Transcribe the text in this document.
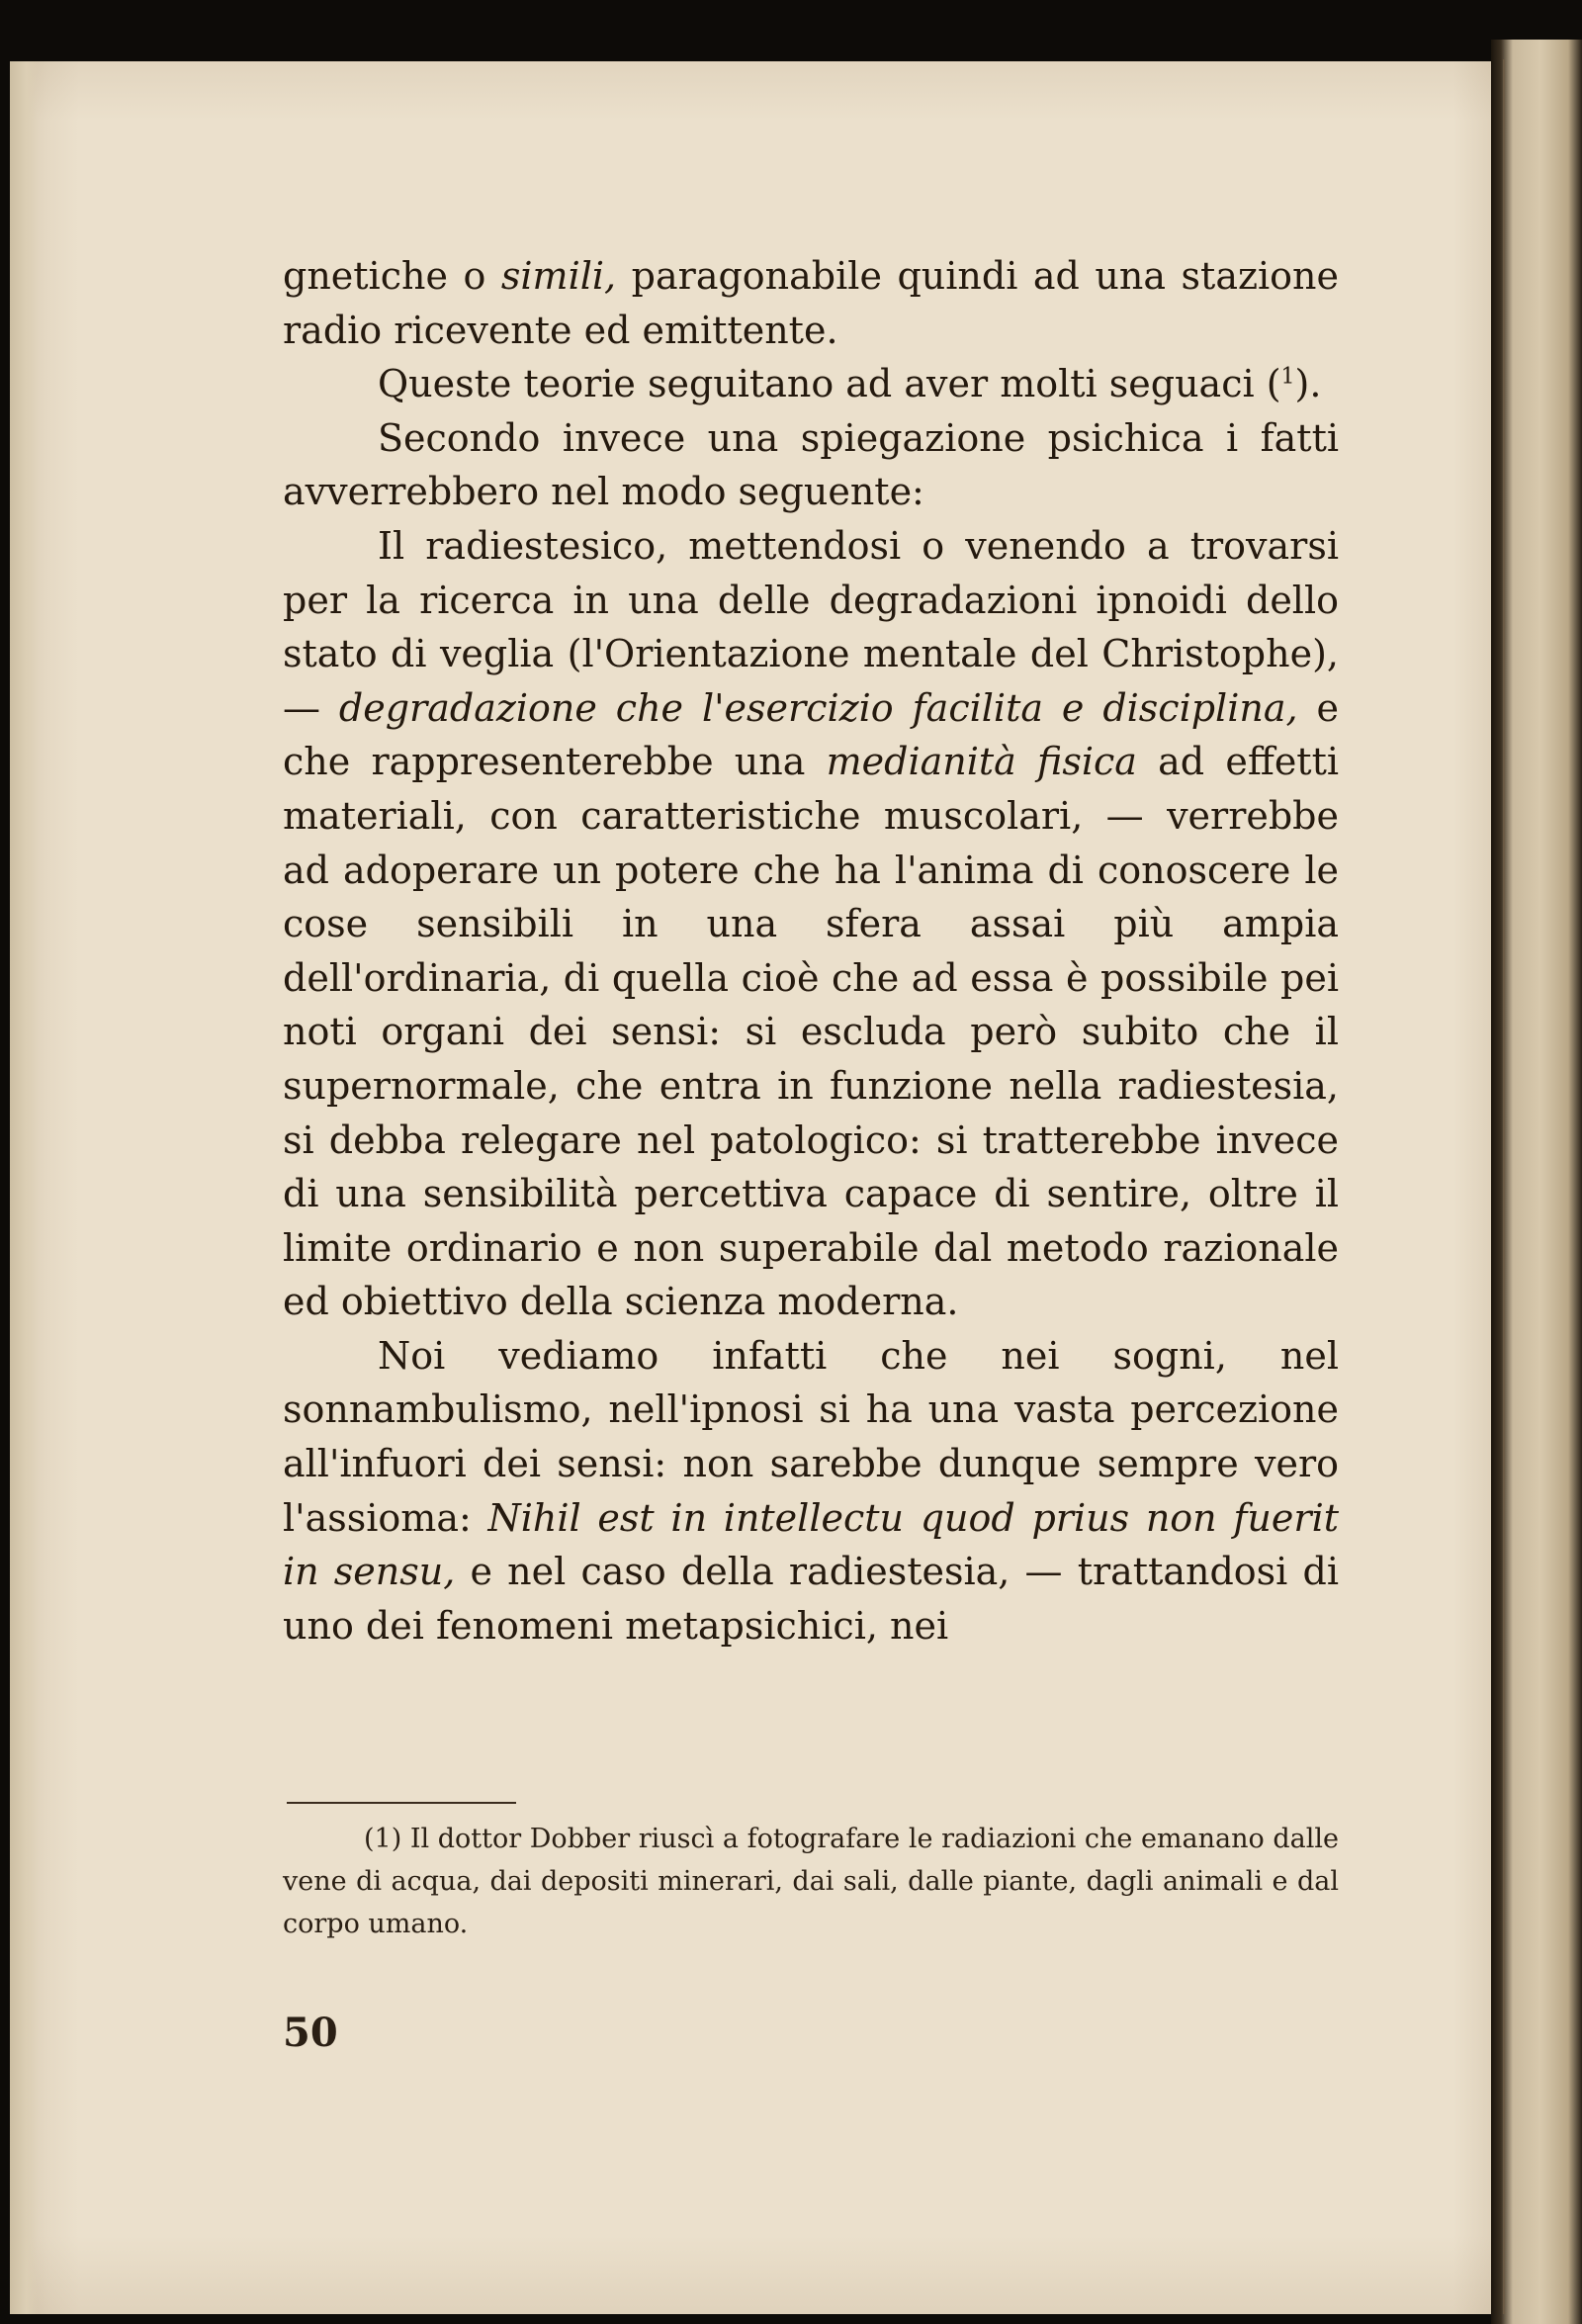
gnetiche o simili, paragonabile quindi ad una stazione radio ricevente ed emittente.

Queste teorie seguitano ad aver molti seguaci ($^1$).

Secondo invece una spiegazione psichica i fatti avverrebbero nel modo seguente:

Il radiestesico, mettendosi o venendo a trovarsi per la ricerca in una delle degradazioni ipnoidi dello stato di veglia (l'Orientazione mentale del Christophe), — degradazione che l'esercizio facilita e disciplina, e che rappresenterebbe una medianità fisica ad effetti materiali, con caratteristiche muscolari, — verrebbe ad adoperare un potere che ha l'anima di conoscere le cose sensibili in una sfera assai più ampia dell'ordinaria, di quella cioè che ad essa è possibile pei noti organi dei sensi: si escluda però subito che il supernormale, che entra in funzione nella radiestesia, si debba relegare nel patologico: si tratterebbe invece di una sensibilità percettiva capace di sentire, oltre il limite ordinario e non superabile dal metodo razionale ed obiettivo della scienza moderna.

Noi vediamo infatti che nei sogni, nel sonnambulismo, nell'ipnosi si ha una vasta percezione all'infuori dei sensi: non sarebbe dunque sempre vero l'assioma: Nihil est in intellectu quod prius non fuerit in sensu, e nel caso della radiestesia, — trattandosi di uno dei fenomeni metapsichici, nei

(1) Il dottor Dobber riuscì a fotografare le radiazioni che emanano dalle vene di acqua, dai depositi minerari, dai sali, dalle piante, dagli animali e dal corpo umano.
50
